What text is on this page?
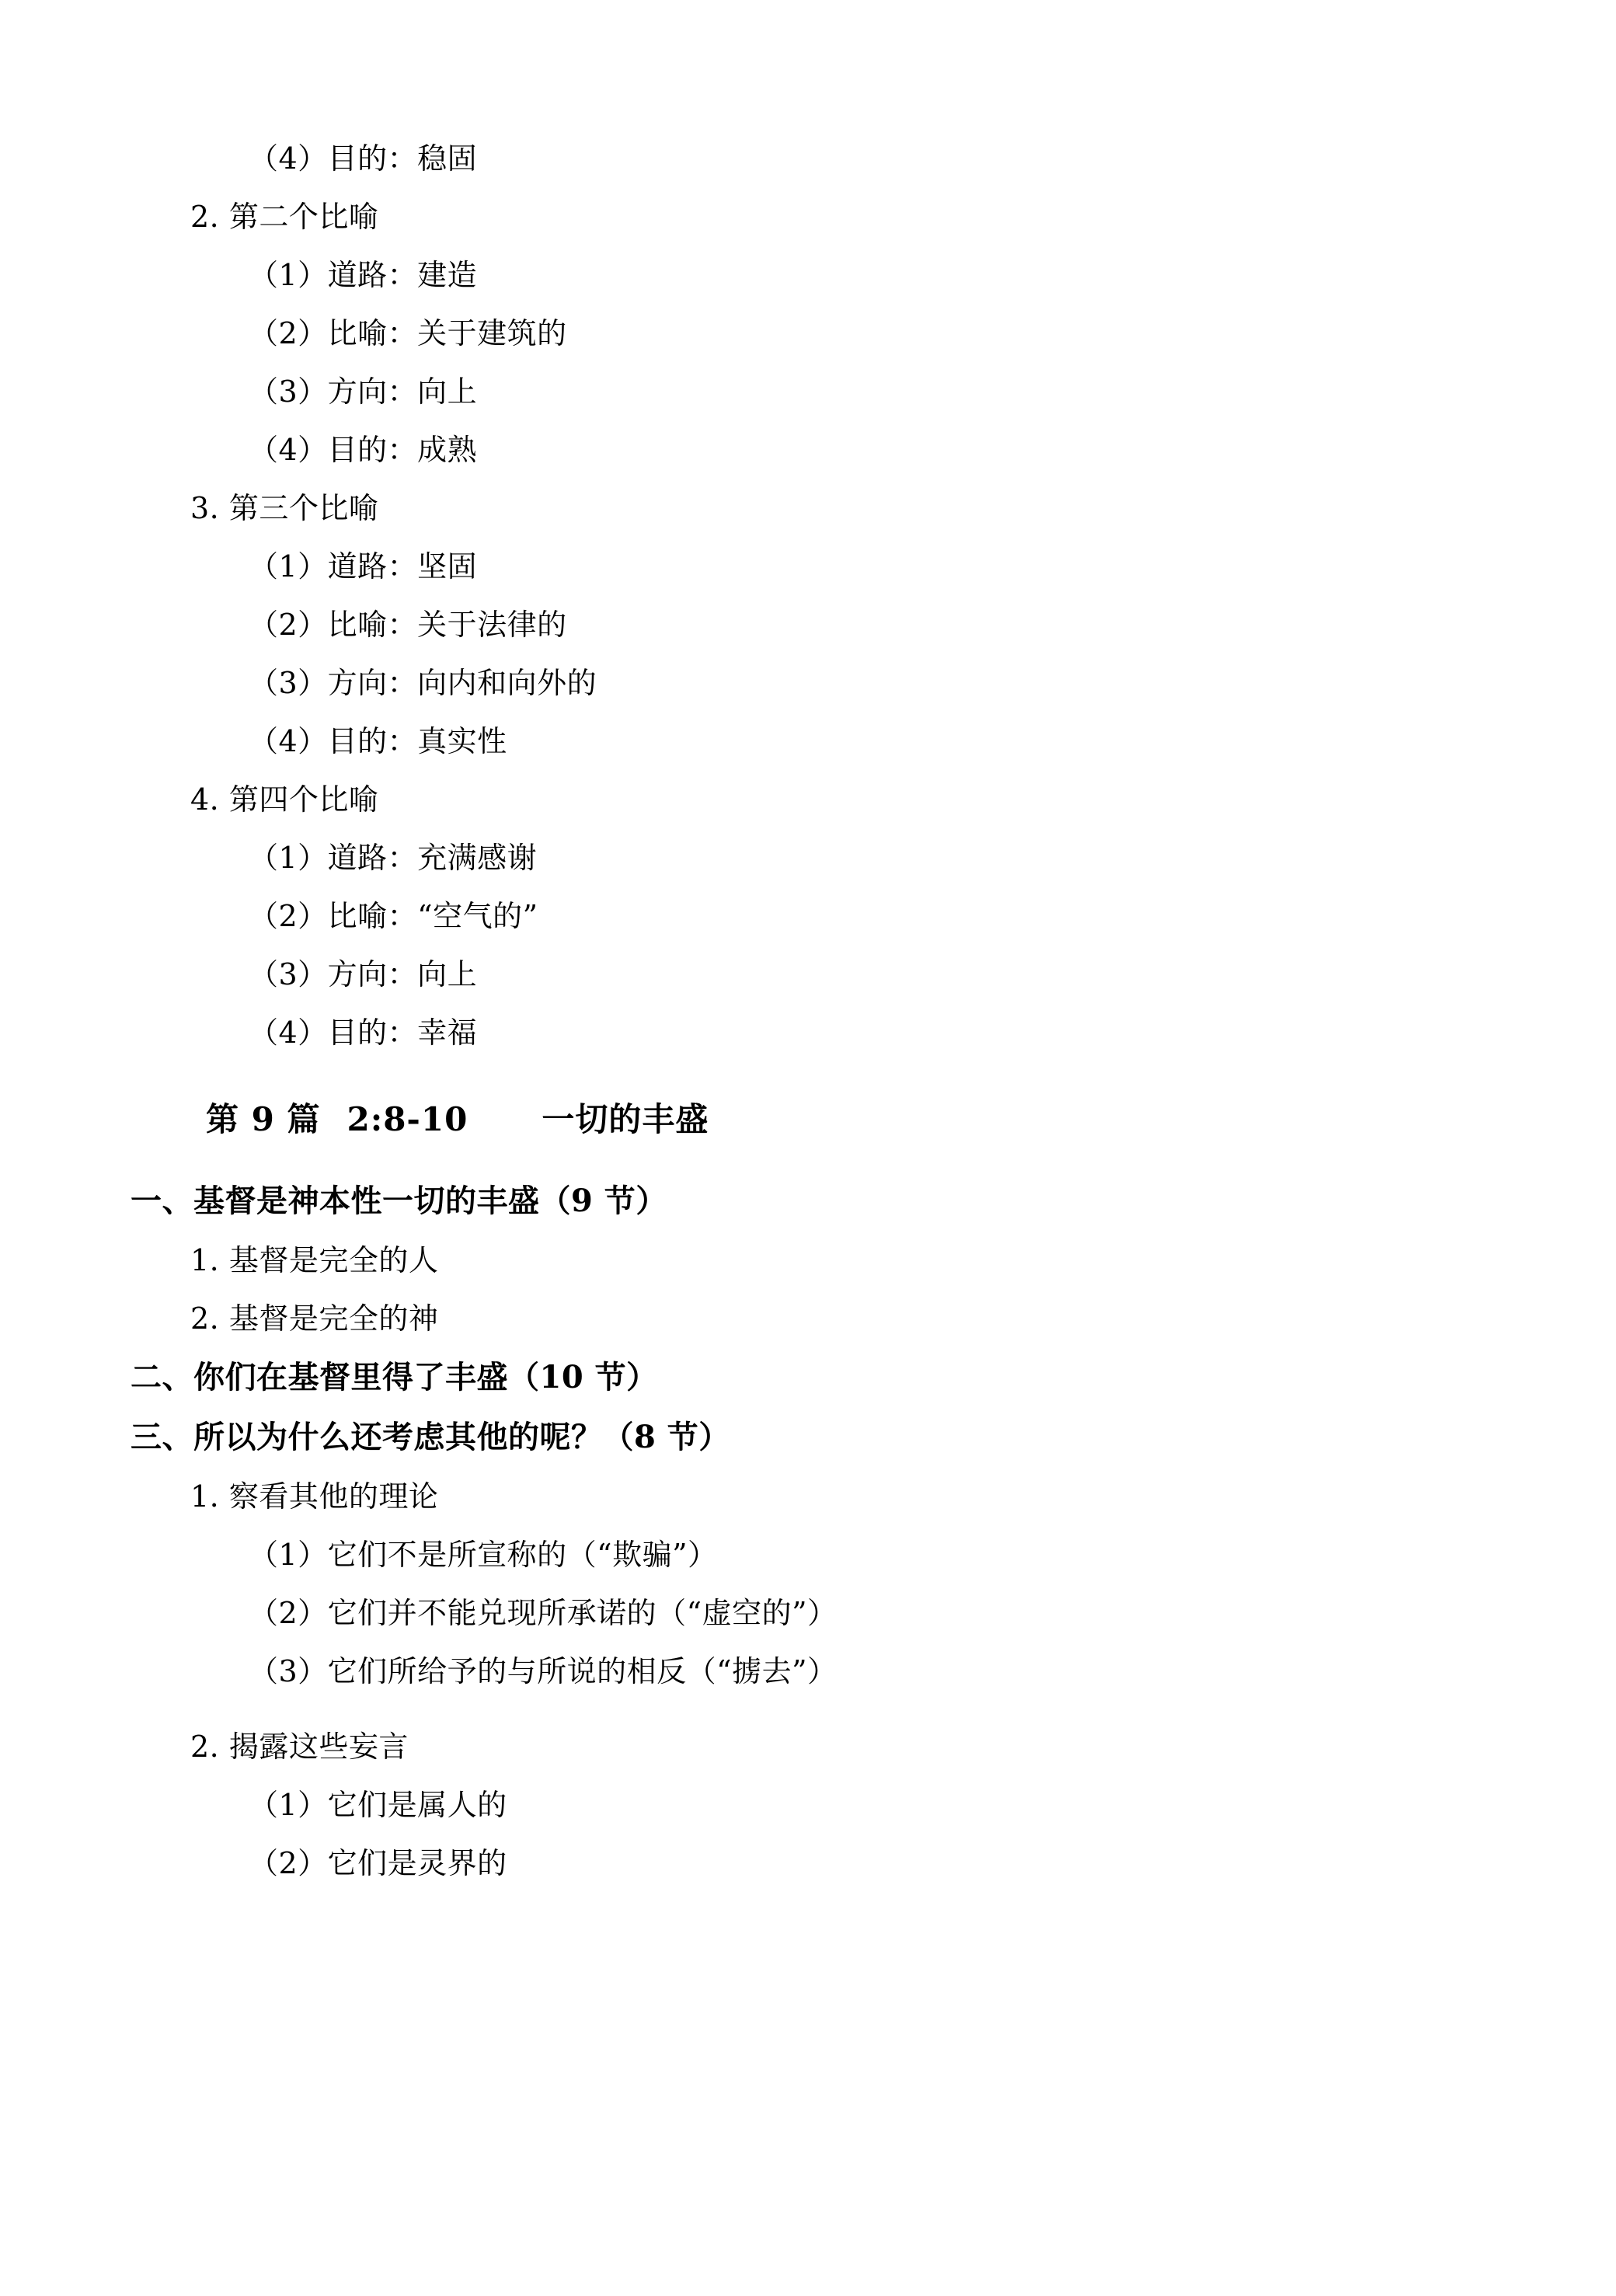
（4）目的：稳固
2. 第二个比喻
（1）道路：建造
（2）比喻：关于建筑的
（3）方向：向上
（4）目的：成熟
3. 第三个比喻
（1）道路：坚固
（2）比喻：关于法律的
（3）方向：向内和向外的
（4）目的：真实性
4. 第四个比喻
（1）道路：充满感谢
（2）比喻：“空气的”
（3）方向：向上
（4）目的：幸福
第 9 篇 2:8-10 一切的丰盛
一、基督是神本性一切的丰盛（9 节）
1. 基督是完全的人
2. 基督是完全的神
二、你们在基督里得了丰盛（10 节）
三、所以为什么还考虑其他的呢？（8 节）
1. 察看其他的理论
（1）它们不是所宣称的（“欺骗”）
（2）它们并不能兑现所承诺的（“虚空的”）
（3）它们所给予的与所说的相反（“掳去”）
2. 揭露这些妄言
（1）它们是属人的
（2）它们是灵界的
